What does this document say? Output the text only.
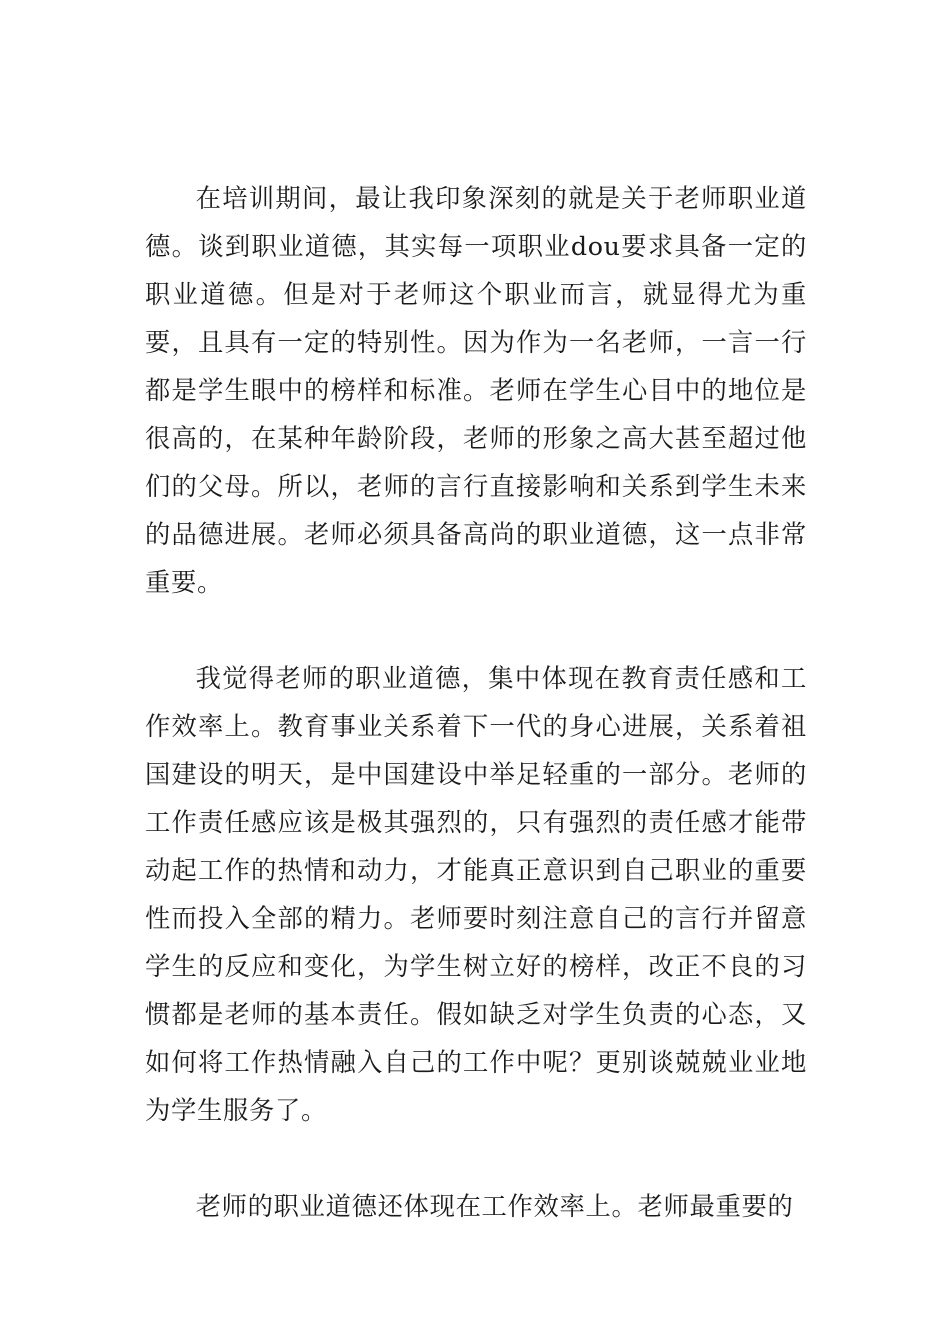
在培训期间，最让我印象深刻的就是关于老师职业道德。谈到职业道德，其实每一项职业dou要求具备一定的职业道德。但是对于老师这个职业而言，就显得尤为重要，且具有一定的特别性。因为作为一名老师，一言一行都是学生眼中的榜样和标准。老师在学生心目中的地位是很高的，在某种年龄阶段，老师的形象之高大甚至超过他们的父母。所以，老师的言行直接影响和关系到学生未来的品德进展。老师必须具备高尚的职业道德，这一点非常重要。

我觉得老师的职业道德，集中体现在教育责任感和工作效率上。教育事业关系着下一代的身心进展，关系着祖国建设的明天，是中国建设中举足轻重的一部分。老师的工作责任感应该是极其强烈的，只有强烈的责任感才能带动起工作的热情和动力，才能真正意识到自己职业的重要性而投入全部的精力。老师要时刻注意自己的言行并留意学生的反应和变化，为学生树立好的榜样，改正不良的习惯都是老师的基本责任。假如缺乏对学生负责的心态，又如何将工作热情融入自己的工作中呢？更别谈兢兢业业地为学生服务了。

老师的职业道德还体现在工作效率上。老师最重要的
